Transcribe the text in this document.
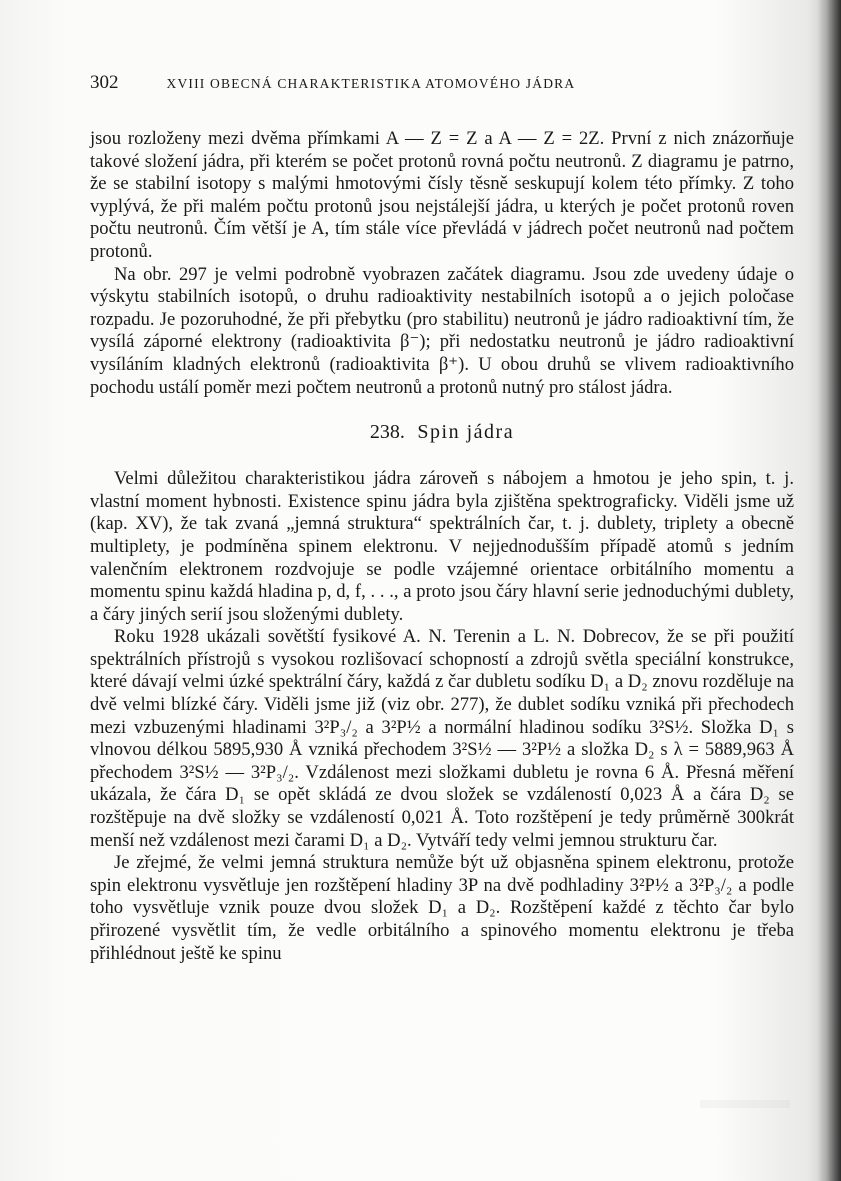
302	XVIII OBECNÁ CHARAKTERISTIKA ATOMOVÉHO JÁDRA

jsou rozloženy mezi dvěma přímkami A — Z = Z a A — Z = 2Z. První z nich znázorňuje takové složení jádra, při kterém se počet protonů rovná počtu neutronů. Z diagramu je patrno, že se stabilní isotopy s malými hmotovými čísly těsně seskupují kolem této přímky. Z toho vyplývá, že při malém počtu protonů jsou nejstálejší jádra, u kterých je počet protonů roven počtu neutronů. Čím větší je A, tím stále více převládá v jádrech počet neutronů nad počtem protonů.

Na obr. 297 je velmi podrobně vyobrazen začátek diagramu. Jsou zde uvedeny údaje o výskytu stabilních isotopů, o druhu radioaktivity nestabilních isotopů a o jejich poločase rozpadu. Je pozoruhodné, že při přebytku (pro stabilitu) neutronů je jádro radioaktivní tím, že vysílá záporné elektrony (radioaktivita β⁻); při nedostatku neutronů je jádro radioaktivní vysíláním kladných elektronů (radioaktivita β⁺). U obou druhů se vlivem radioaktivního pochodu ustálí poměr mezi počtem neutronů a protonů nutný pro stálost jádra.

238. Spin jádra

Velmi důležitou charakteristikou jádra zároveň s nábojem a hmotou je jeho spin, t. j. vlastní moment hybnosti. Existence spinu jádra byla zjištěna spektrograficky. Viděli jsme už (kap. XV), že tak zvaná „jemná struktura“ spektrálních čar, t. j. dublety, triplety a obecně multiplety, je podmíněna spinem elektronu. V nejjednodušším případě atomů s jedním valenčním elektronem rozdvojuje se podle vzájemné orientace orbitálního momentu a momentu spinu každá hladina p, d, f, . . ., a proto jsou čáry hlavní serie jednoduchými dublety, a čáry jiných serií jsou složenými dublety.

Roku 1928 ukázali sovětští fysikové A. N. Terenin a L. N. Dobrecov, že se při použití spektrálních přístrojů s vysokou rozlišovací schopností a zdrojů světla speciální konstrukce, které dávají velmi úzké spektrální čáry, každá z čar dubletu sodíku D₁ a D₂ znovu rozděluje na dvě velmi blízké čáry. Viděli jsme již (viz obr. 277), že dublet sodíku vzniká při přechodech mezi vzbuzenými hladinami 3²P₃/₂ a 3²P½ a normální hladinou sodíku 3²S½. Složka D₁ s vlnovou délkou 5895,930 Å vzniká přechodem 3²S½ — 3²P½ a složka D₂ s λ = 5889,963 Å přechodem 3²S½ — 3²P₃/₂. Vzdálenost mezi složkami dubletu je rovna 6 Å. Přesná měření ukázala, že čára D₁ se opět skládá ze dvou složek se vzdáleností 0,023 Å a čára D₂ se rozštěpuje na dvě složky se vzdáleností 0,021 Å. Toto rozštěpení je tedy průměrně 300krát menší než vzdálenost mezi čarami D₁ a D₂. Vytváří tedy velmi jemnou strukturu čar.

Je zřejmé, že velmi jemná struktura nemůže být už objasněna spinem elektronu, protože spin elektronu vysvětluje jen rozštěpení hladiny 3P na dvě podhladiny 3²P½ a 3²P₃/₂ a podle toho vysvětluje vznik pouze dvou složek D₁ a D₂. Rozštěpení každé z těchto čar bylo přirozené vysvětlit tím, že vedle orbitálního a spinového momentu elektronu je třeba přihlédnout ještě ke spinu
